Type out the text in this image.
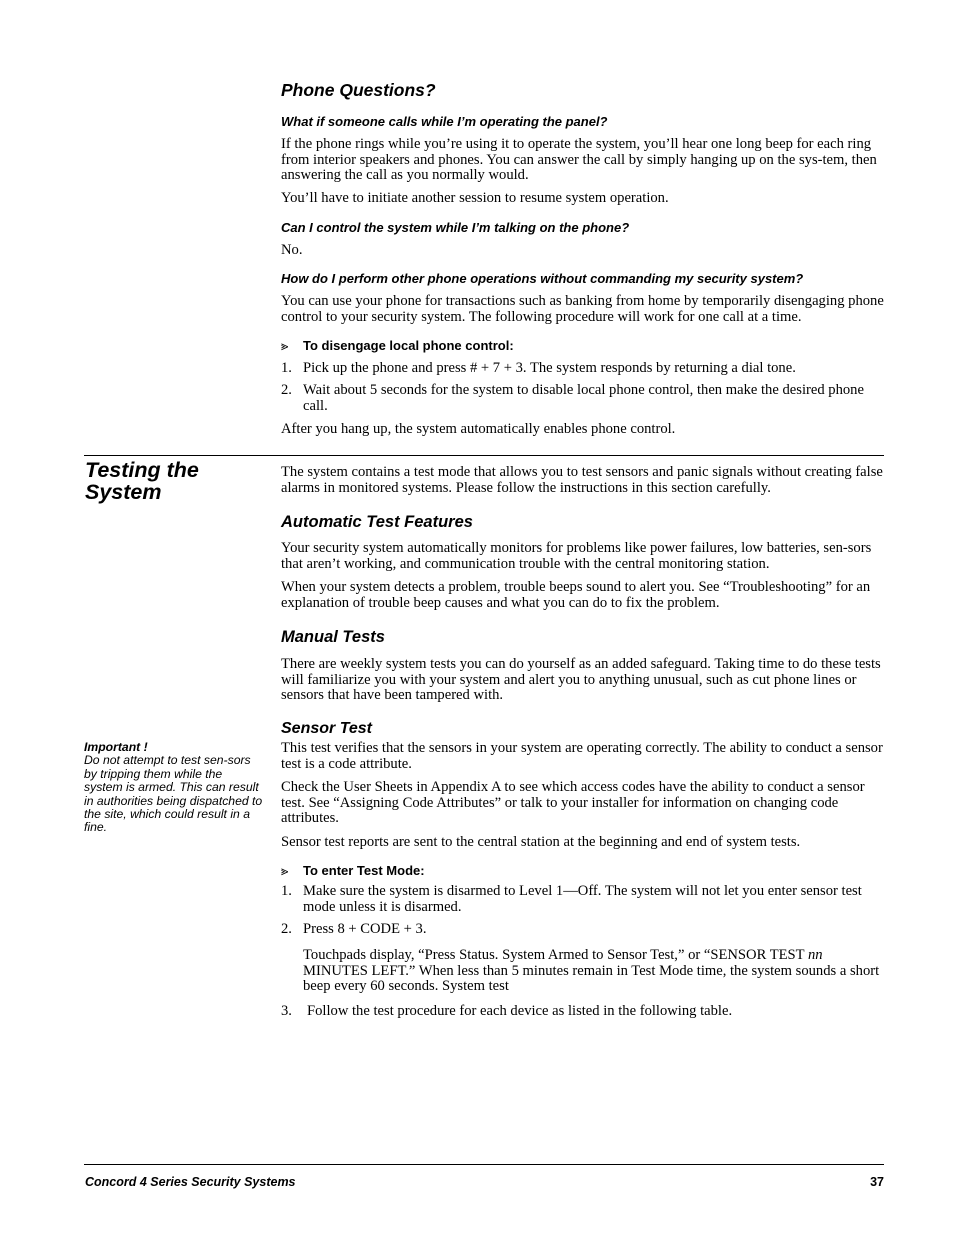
Phone Questions?
What if someone calls while I’m operating the panel?
If the phone rings while you’re using it to operate the system, you’ll hear one long beep for each ring from interior speakers and phones. You can answer the call by simply hanging up on the sys-tem, then answering the call as you normally would.
You’ll have to initiate another session to resume system operation.
Can I control the system while I’m talking on the phone?
No.
How do I perform other phone operations without commanding my security system?
You can use your phone for transactions such as banking from home by temporarily disengaging phone control to your security system. The following procedure will work for one call at a time.
⪢ To disengage local phone control:
1. Pick up the phone and press # + 7 + 3. The system responds by returning a dial tone.
2. Wait about 5 seconds for the system to disable local phone control, then make the desired phone call.
After you hang up, the system automatically enables phone control.
Testing the
System
The system contains a test mode that allows you to test sensors and panic signals without creating false alarms in monitored systems. Please follow the instructions in this section carefully.
Automatic Test Features
Your security system automatically monitors for problems like power failures, low batteries, sen-sors that aren’t working, and communication trouble with the central monitoring station.
When your system detects a problem, trouble beeps sound to alert you. See “Troubleshooting” for an explanation of trouble beep causes and what you can do to fix the problem.
Manual Tests
There are weekly system tests you can do yourself as an added safeguard. Taking time to do these tests will familiarize you with your system and alert you to anything unusual, such as cut phone lines or sensors that have been tampered with.
Sensor Test
This test verifies that the sensors in your system are operating correctly. The ability to conduct a sensor test is a code attribute.
Check the User Sheets in Appendix A to see which access codes have the ability to conduct a sensor test. See “Assigning Code Attributes” or talk to your installer for information on changing code attributes.
Sensor test reports are sent to the central station at the beginning and end of system tests.
⪢ To enter Test Mode:
1. Make sure the system is disarmed to Level 1—Off. The system will not let you enter sensor test mode unless it is disarmed.
2. Press 8 + CODE + 3.
Touchpads display, “Press Status. System Armed to Sensor Test,” or “SENSOR TEST nn MINUTES LEFT.” When less than 5 minutes remain in Test Mode time, the system sounds a short beep every 60 seconds. System test
3. Follow the test procedure for each device as listed in the following table.
Important !
Do not attempt to test sen-sors by tripping them while the system is armed. This can result in authorities being dispatched to the site, which could result in a fine.
Concord 4 Series Security Systems	37
